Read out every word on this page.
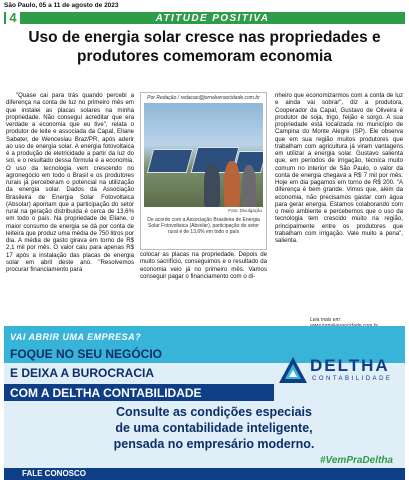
São Paulo, 05 a 11 de agosto de 2023
4	ATITUDE POSITIVA
Uso de energia solar cresce nas propriedades e produtores comemoram economia
"Quase cai para trás quando percebi a diferença na conta de luz no primeiro mês em que instalei as placas solares na minha propriedade. Não conseguí acreditar que era verdade a economia que eu tive", relata o produtor de leite e associada da Capal, Eliane Sabater, de Wenceslau Braz/PR, após aderir ao uso de energia solar. A energia fotovoltaica é a produção de eletricidade a partir da luz do sol, e o resultado dessa fórmula é a economia. O uso da tecnologia vem crescendo no agronegócio em todo o Brasil e os produtores rurais já perceberam o potencial na utilização da energia solar. Dados da Associação Brasileira de Energia Solar Fotovoltaica (Absolar) apontam que a participação do setor rural na geração distribuída é cerca de 13,6% em todo o país. Na propriedade de Eliane, o maior consumo de energia se dá por conta de leiteira que produz uma média de 750 litros por dia. A média de gasto girava em torno de R$ 2,1 mil por mês. O valor caiu para apenas R$ 17 após a instalação das placas de energia solar em abril deste ano. "Resolvemos procurar financiamento para
Por Redação / redacao@jornalveraocidade.com.br
Foto: Divulgação
De acordo com a Associação Brasileira de Energia Solar Fotovoltaica (Absolar), participação do setor rural é de 13,6% em todo o país
colocar as placas na propriedade. Depois de muito sacrifício, conseguimos e o resultado da economia veio já no primeiro mês. Vamos conseguir pagar o financiamento com o di-
nheiro que economizarmos com a conta de luz e ainda vai sobrar", diz a produtora. Cooperador da Capal, Gustavo de Oliveira é produtor de soja, trigo, feijão e sorgo. A sua propriedade está localizada no município de Campina do Monte Alegre (SP). Ele observa que em sua região muitos produtores que trabalham com agricultura já viram vantagens em utilizar a energia solar. Gustavo salienta que, em períodos de irrigação, técnica muito comum no interior de São Paulo, o valor da conta de energia chegava a R$ 7 mil por mês. Hoje em dia pagamos em torno de R$ 200. "A diferença é bem grande. Vimos que, além da economia, não precisamos gastar com água para gerar energia. Estamos colaborando com o meio ambiente e percebemos que o uso da tecnologia tem crescido muito na região, principalmente entre os produtores que trabalham com irrigação. Vale muito a pena", salienta.
Leia mais em:
VAI ABRIR UMA EMPRESA?
FOQUE NO SEU NEGÓCIO
E DEIXA A BUROCRACIA
COM A DELTHA CONTABILIDADE
DELTHA
CONTABILIDADE
Consulte as condições especiais
de uma contabilidade inteligente,
pensada no empresário moderno.
#VemPraDeltha
FALE CONOSCO
